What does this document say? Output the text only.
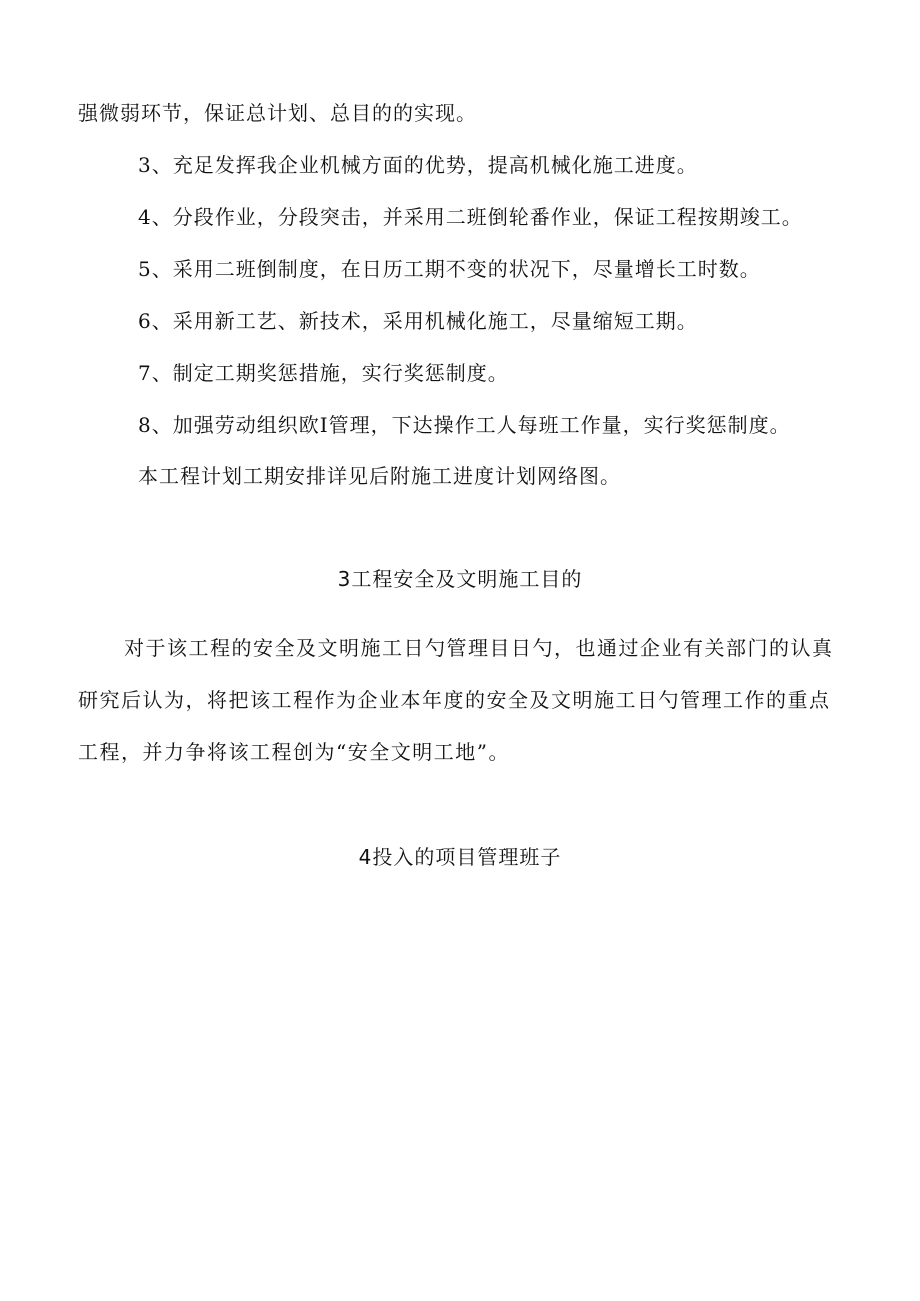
强微弱环节，保证总计划、总目的的实现。
3、充足发挥我企业机械方面的优势，提高机械化施工进度。
4、分段作业，分段突击，并采用二班倒轮番作业，保证工程按期竣工。
5、采用二班倒制度，在日历工期不变的状况下，尽量增长工时数。
6、采用新工艺、新技术，采用机械化施工，尽量缩短工期。
7、制定工期奖惩措施，实行奖惩制度。
8、加强劳动组织欧I管理，下达操作工人每班工作量，实行奖惩制度。
本工程计划工期安排详见后附施工进度计划网络图。
3工程安全及文明施工目的
对于该工程的安全及文明施工日勺管理目日勺，也通过企业有关部门的认真研究后认为，将把该工程作为企业本年度的安全及文明施工日勺管理工作的重点工程，并力争将该工程创为“安全文明工地”。
4投入的项目管理班子
